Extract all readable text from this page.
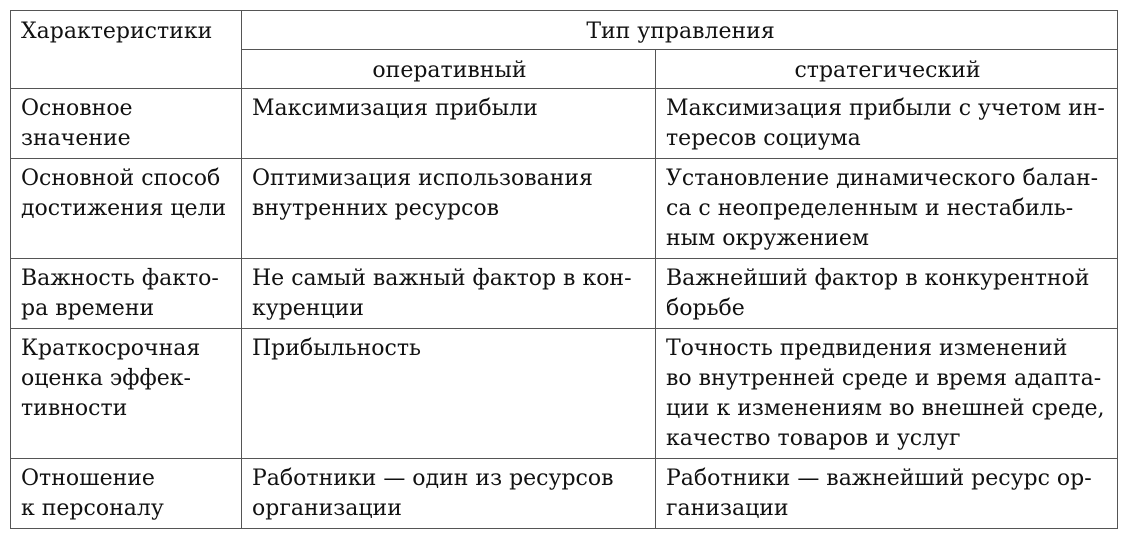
Характеристики	Тип управления	
	оперативный	стратегический

Основное
значение	Максимизация прибыли	Максимизация прибыли с учетом ин-
тересов социума

Основной способ
достижения цели	Оптимизация использования
внутренних ресурсов	Установление динамического балан-
са с неопределенным и нестабиль-
ным окружением

Важность факто-
ра времени	Не самый важный фактор в кон-
куренции	Важнейший фактор в конкурентной
борьбе

Краткосрочная
оценка эффек-
тивности	Прибыльность	Точность предвидения изменений
во внутренней среде и время адапта-
ции к изменениям во внешней среде,
качество товаров и услуг

Отношение
к персоналу	Работники — один из ресурсов
организации	Работники — важнейший ресурс ор-
ганизации
